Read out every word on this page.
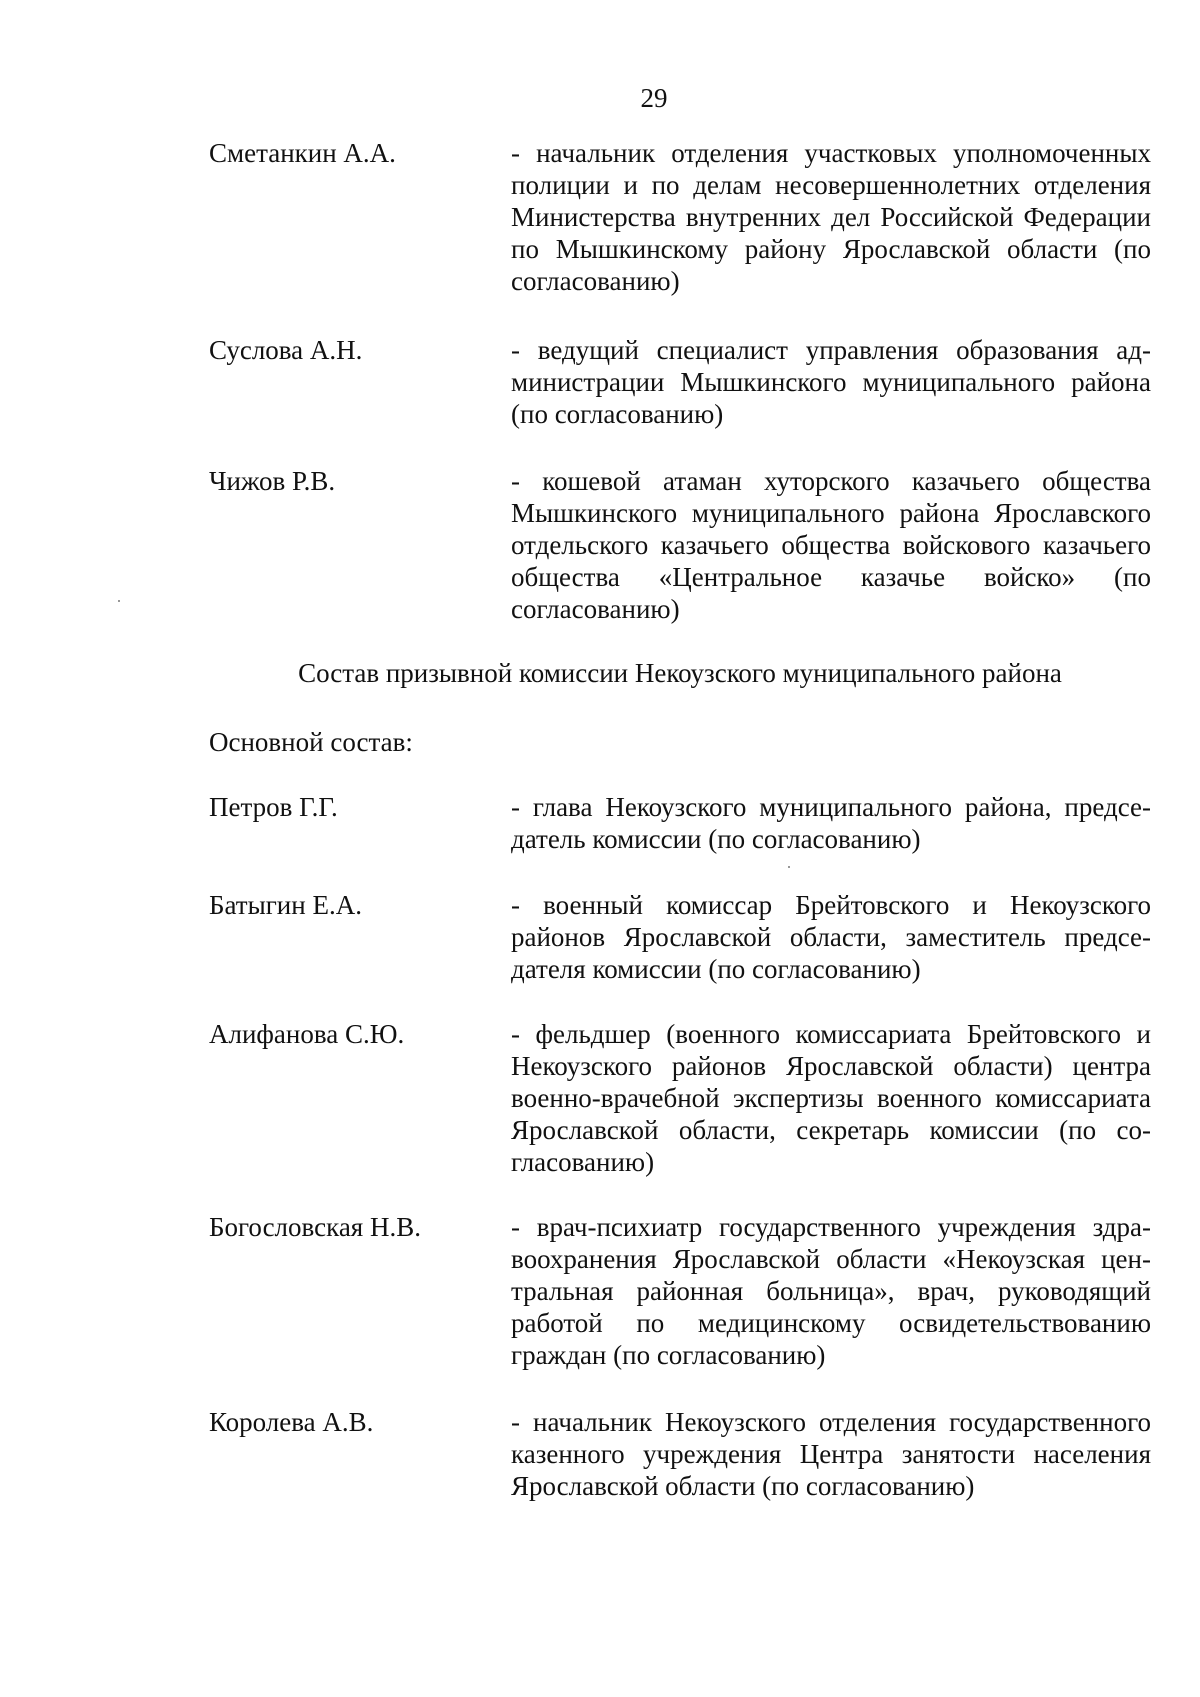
29
Сметанкин А.А.	- начальник отделения участковых уполномоченных полиции и по делам несовершеннолетних отделения Министерства внутренних дел Российской Федерации по Мышкинскому району Ярославской области (по согласованию)
Суслова А.Н.	- ведущий специалист управления образования администрации Мышкинского муниципального района (по согласованию)
Чижов Р.В.	- кошевой атаман хуторского казачьего общества Мышкинского муниципального района Ярославского отдельского казачьего общества войскового казачьего общества «Центральное казачье войско» (по согласованию)
Состав призывной комиссии Некоузского муниципального района
Основной состав:
Петров Г.Г.	- глава Некоузского муниципального района, председатель комиссии (по согласованию)
Батыгин Е.А.	- военный комиссар Брейтовского и Некоузского районов Ярославской области, заместитель председателя комиссии (по согласованию)
Алифанова С.Ю.	- фельдшер (военного комиссариата Брейтовского и Некоузского районов Ярославской области) центра военно-врачебной экспертизы военного комиссариата Ярославской области, секретарь комиссии (по согласованию)
Богословская Н.В.	- врач-психиатр государственного учреждения здравоохранения Ярославской области «Некоузская центральная районная больница», врач, руководящий работой по медицинскому освидетельствованию граждан (по согласованию)
Королева А.В.	- начальник Некоузского отделения государственного казенного учреждения Центра занятости населения Ярославской области (по согласованию)
